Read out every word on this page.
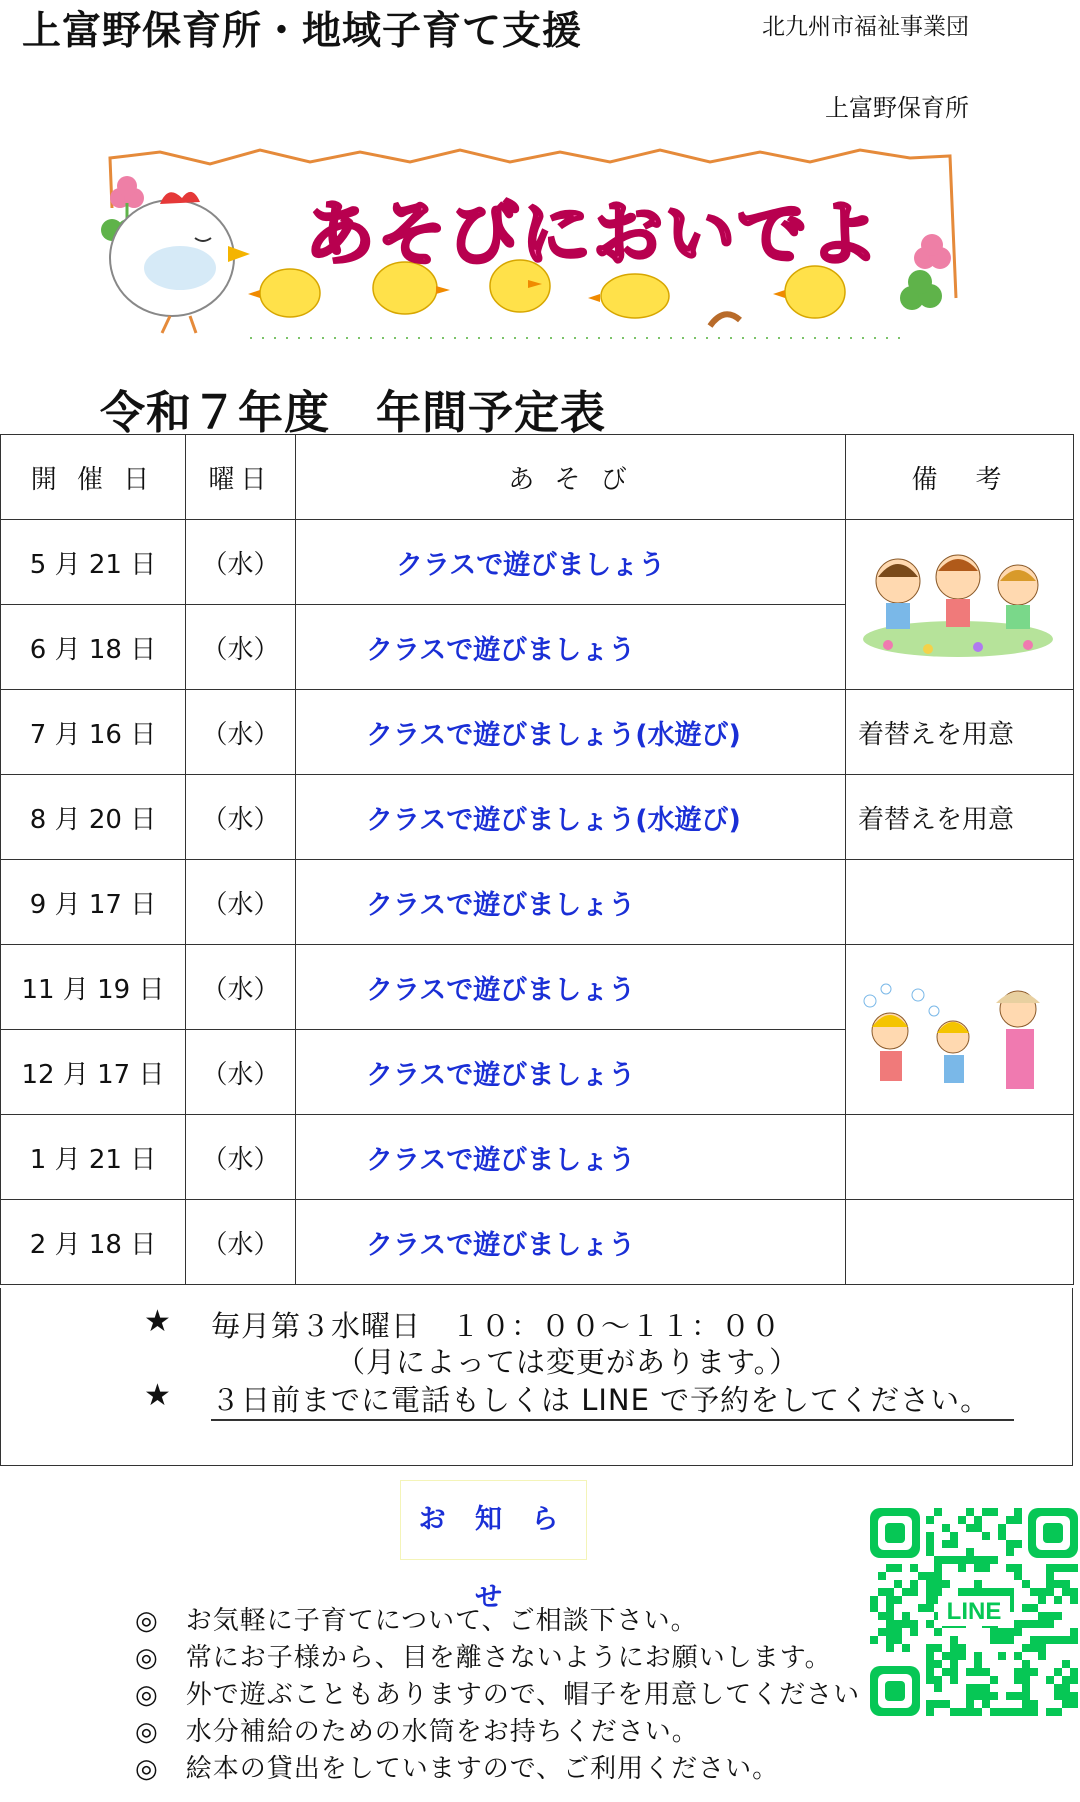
上富野保育所・地域子育て支援	北九州市福祉事業団
上富野保育所
あそびにおいでよ
令和７年度　年間予定表
開 催 日	曜日	あ そ び	備　考
5 月 21 日	（水）	クラスで遊びましょう	
6 月 18 日	（水）	クラスで遊びましょう	
7 月 16 日	（水）	クラスで遊びましょう(水遊び)	着替えを用意
8 月 20 日	（水）	クラスで遊びましょう(水遊び)	着替えを用意
9 月 17 日	（水）	クラスで遊びましょう	
11 月 19 日	（水）	クラスで遊びましょう	
12 月 17 日	（水）	クラスで遊びましょう	
1 月 21 日	（水）	クラスで遊びましょう	
2 月 18 日	（水）	クラスで遊びましょう	
★ 毎月第３水曜日　１０：００～１１：００
（月によっては変更があります。）
★ ３日前までに電話もしくは LINE で予約をしてください。
お 知 ら せ
◎　 お気軽に子育てについて、ご相談下さい。
◎　 常にお子様から、目を離さないようにお願いします。
◎　 外で遊ぶこともありますので、帽子を用意してください
◎　 水分補給のための水筒をお持ちください。
◎　 絵本の貸出をしていますので、ご利用ください。
LINE
